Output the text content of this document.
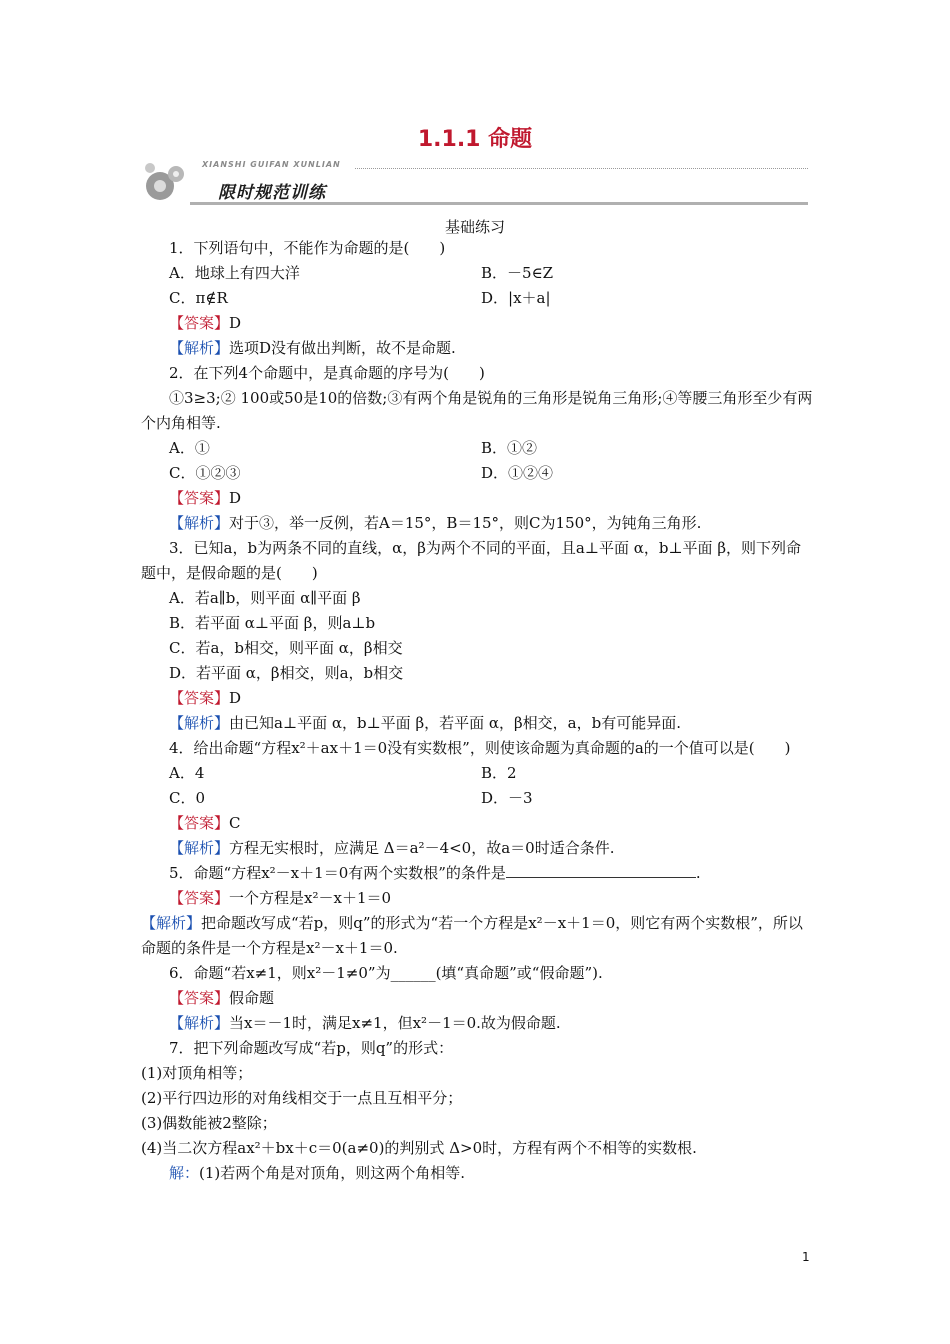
1.1.1 命题
XIANSHI GUIFAN XUNLIAN
限时规范训练
基础练习

1．下列语句中，不能作为命题的是(　　)

A．地球上有四大洋	B．－5∈Z
C．π∉R	D．|x＋a|

【答案】D

【解析】选项D没有做出判断，故不是命题.

2．在下列4个命题中，是真命题的序号为(　　)

①3≥3;② 100或50是10的倍数;③有两个角是锐角的三角形是锐角三角形;④等腰三角形至少有两个内角相等.

A．①	B．①②
C．①②③	D．①②④

【答案】D

【解析】对于③，举一反例，若A＝15°，B＝15°，则C为150°，为钝角三角形.

3．已知a，b为两条不同的直线，α，β为两个不同的平面，且a⊥平面 α，b⊥平面 β，则下列命题中，是假命题的是(　　)

A．若a∥b，则平面 α∥平面 β

B．若平面 α⊥平面 β，则a⊥b

C．若a，b相交，则平面 α，β相交

D．若平面 α，β相交，则a，b相交

【答案】D

【解析】由已知a⊥平面 α，b⊥平面 β，若平面 α，β相交，a，b有可能异面.

4．给出命题“方程x²＋ax＋1＝0没有实数根”，则使该命题为真命题的a的一个值可以是(　　)

A．4	B．2
C．0	D．－3

【答案】C

【解析】方程无实根时，应满足 Δ＝a²－4<0，故a＝0时适合条件.

5．命题“方程x²－x＋1＝0有两个实数根”的条件是	.

【答案】一个方程是x²－x＋1＝0

【解析】把命题改写成“若p，则q”的形式为“若一个方程是x²－x＋1＝0，则它有两个实数根”，所以命题的条件是一个方程是x²－x＋1＝0.

6．命题“若x≠1，则x²－1≠0”为______(填“真命题”或“假命题”).

【答案】假命题

【解析】当x＝－1时，满足x≠1，但x²－1＝0.故为假命题.

7．把下列命题改写成“若p，则q”的形式：

(1)对顶角相等；

(2)平行四边形的对角线相交于一点且互相平分；

(3)偶数能被2整除；

(4)当二次方程ax²＋bx＋c＝0(a≠0)的判别式 Δ>0时，方程有两个不相等的实数根.

解：(1)若两个角是对顶角，则这两个角相等.

1
